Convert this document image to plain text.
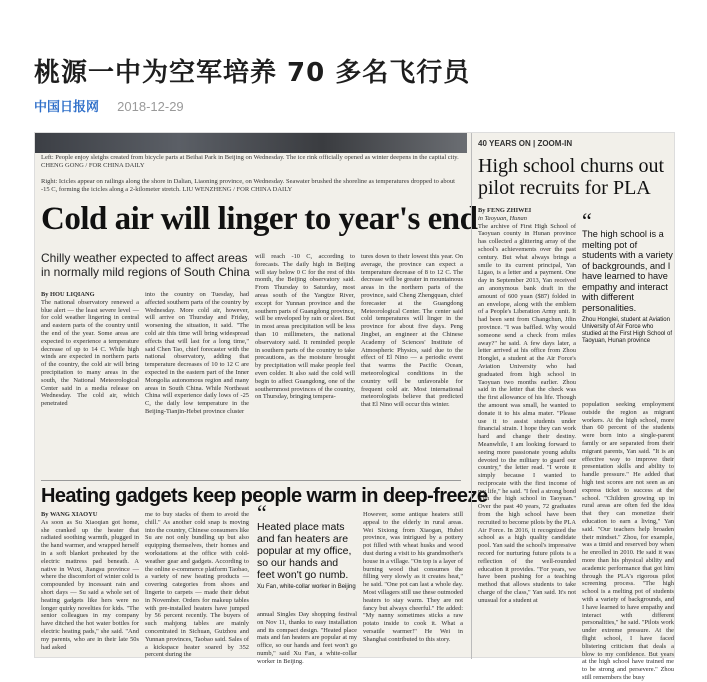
桃源一中为空军培养 70 多名飞行员
中国日报网 2018-12-29
Left: People enjoy sleighs created from bicycle parts at Beihai Park in Beijing on Wednesday. The ice rink officially opened as winter deepens in the capital city. CHENG GONG / FOR CHINA DAILY
Right: Icicles appear on railings along the shore in Dalian, Liaoning province, on Wednesday. Seawater brushed the shoreline as temperatures dropped to about -15 C, forming the icicles along a 2-kilometer stretch. LIU WENZHENG / FOR CHINA DAILY
Cold air will linger to year's end
Chilly weather expected to affect areas in normally mild regions of South China
By HOU LIQIANG
The national observatory renewed a blue alert — the least severe level — for cold weather lingering in central and eastern parts of the country until the end of the year. Some areas are expected to experience a temperature decrease of up to 14 C. While high winds are expected in northern parts of the country, the cold air will bring precipitation to many areas in the south, the National Meteorological Center said in a media release on Wednesday. The cold air, which penetrated
into the country on Tuesday, had affected southern parts of the country by Wednesday. More cold air, however, will arrive on Thursday and Friday, worsening the situation, it said. "The cold air this time will bring widespread effects that will last for a long time," said Chen Tao, chief forecaster with the national observatory, adding that temperature decreases of 10 to 12 C are expected in the eastern part of the Inner Mongolia autonomous region and many areas in South China. While Northeast China will experience daily lows of -25 C, the daily low temperature in the Beijing-Tianjin-Hebei province cluster
will reach -10 C, according to forecasts. The daily high in Beijing will stay below 0 C for the rest of this month, the Beijing observatory said. From Thursday to Saturday, most areas south of the Yangtze River, except for Yunnan province and the southern parts of Guangdong province, will be enveloped by rain or sleet. But in most areas precipitation will be less than 10 millimeters, the national observatory said. It reminded people in southern parts of the country to take precautions, as the moisture brought by precipitation will make people feel even colder. It also said the cold will begin to affect Guangdong, one of the southernmost provinces of the country, on Thursday, bringing tempera-
tures down to their lowest this year. On average, the province can expect a temperature decrease of 8 to 12 C. The decrease will be greater in mountainous areas in the northern parts of the province, said Cheng Zhengquan, chief forecaster at the Guangdong Meteorological Center. The center said cold temperatures will linger in the province for about five days. Peng Jingbei, an engineer at the Chinese Academy of Sciences' Institute of Atmospheric Physics, said due to the effect of El Nino — a periodic event that warms the Pacific Ocean, meteorological conditions in the country will be unfavorable for frequent cold air. Most international meteorologists believe that predicted that El Nino will occur this winter.
Heating gadgets keep people warm in deep-freeze
By WANG XIAOYU
As soon as Su Xiaoqian got home, she cranked up the heater that radiated soothing warmth, plugged in the hand warmer, and wrapped herself in a soft blanket preheated by the electric mattress pad beneath. A native in Wuxi, Jiangsu province — where the discomfort of winter cold is compounded by incessant rain and short days — Su said a whole set of heating gadgets like hers were no longer quirky novelties for kids. "The senior colleagues in my company have ditched the hot water bottles for electric heating pads," she said. "And my parents, who are in their late 50s had asked
me to buy stacks of them to avoid the chill." As another cold snap is moving into the country, Chinese consumers like Su are not only bundling up but also equipping themselves, their homes and workstations at the office with cold-weather gear and gadgets. According to the online e-commerce platform Taobao, a variety of new heating products — covering categories from shoes and lingerie to carpets — made their debut in November. Orders for makeup tables with pre-installed heaters have jumped by 56 percent recently. The buyers of such mahjong tables are mainly concentrated in Sichuan, Guizhou and Yunnan provinces, Taobao said. Sales of a kickspace heater soared by 352 percent during the
“
Heated place mats and fan heaters are popular at my office, so our hands and feet won't go numb.
Xu Fan, white-collar worker in Beijing
annual Singles Day shopping festival on Nov 11, thanks to easy installation and its compact design. "Heated place mats and fan heaters are popular at my office, so our hands and feet won't go numb," said Xu Fan, a white-collar worker in Beijing.
However, some antique heaters still appeal to the elderly in rural areas. Wei Sixiong from Xiaogan, Hubei province, was intrigued by a pottery pot filled with wheat husks and wood dust during a visit to his grandmother's house in a village. "On top is a layer of burning wood that consumes the filling very slowly as it creates heat," he said. "One pot can last a whole day. Most villagers still use these outmoded heaters to stay warm. They are not fancy but always cheerful." He added: "My nanny sometimes sticks a raw potato inside to cook it. What a versatile warmer!" He Wei in Shanghai contributed to this story.
40 YEARS ON | ZOOM-IN
High school churns out pilot recruits for PLA
By FENG ZHIWEI
in Taoyuan, Hunan
The archive of First High School of Taoyuan county in Hunan province has collected a glittering array of the school's achievements over the past century. But what always brings a smile to its current principal, Yan Ligao, is a letter and a payment. One day in September 2013, Yan received an anonymous bank draft in the amount of 600 yuan ($87) folded in an envelope, along with the emblem of a People's Liberation Army unit. It had been sent from Changchun, Jilin province. "I was baffled. Why would someone send a check from miles away?" he said. A few days later, a letter arrived at his office from Zhou Honglei, a student at the Air Force's Aviation University who had graduated from high school in Taoyuan two months earlier. Zhou said in the letter that the check was the first allowance of his life. Though the amount was small, he wanted to donate it to his alma mater. "Please use it to assist students under financial strain. I hope they can work hard and change their destiny. Meanwhile, I am looking forward to seeing more passionate young adults devoted to the military to guard our country," the letter read. "I wrote it simply because I wanted to reciprocate with the first income of my life," he said. "I feel a strong bond with the high school in Taoyuan." Over the past 40 years, 72 graduates from the high school have been recruited to become pilots by the PLA Air Force. In 2016, it recognized the school as a high quality candidate pool. Yan said the school's impressive record for nurturing future pilots is a reflection of the well-rounded education it provides. "For years, we have been pushing for a teaching method that allows students to take charge of the class," Yan said. It's not unusual for a student at
“
The high school is a melting pot of students with a variety of backgrounds, and I have learned to have empathy and interact with different personalities.
Zhou Honglei, student at Aviation University of Air Force who studied at the First High School of Taoyuan, Hunan province
population seeking employment outside the region as migrant workers. At the high school, more than 60 percent of the students were born into a single-parent family or are separated from their migrant parents, Yan said. "It is an effective way to improve their presentation skills and ability to handle pressure." He added that high test scores are not seen as an express ticket to success at the school. "Children growing up in rural areas are often fed the idea that they can monetize their education to earn a living," Yan said. "Our teachers help broaden their mindset." Zhou, for example, was a timid and reserved boy when he enrolled in 2010. He said it was more than his physical ability and academic performance that got him through the PLA's rigorous pilot screening process. "The high school is a melting pot of students with a variety of backgrounds, and I have learned to have empathy and interact with different personalities," he said. "Pilots work under extreme pressure. At the flight school, I have faced blistering criticism that deals a blow to my confidence. But years at the high school have trained me to be strong and persevere." Zhou still remembers the busy
